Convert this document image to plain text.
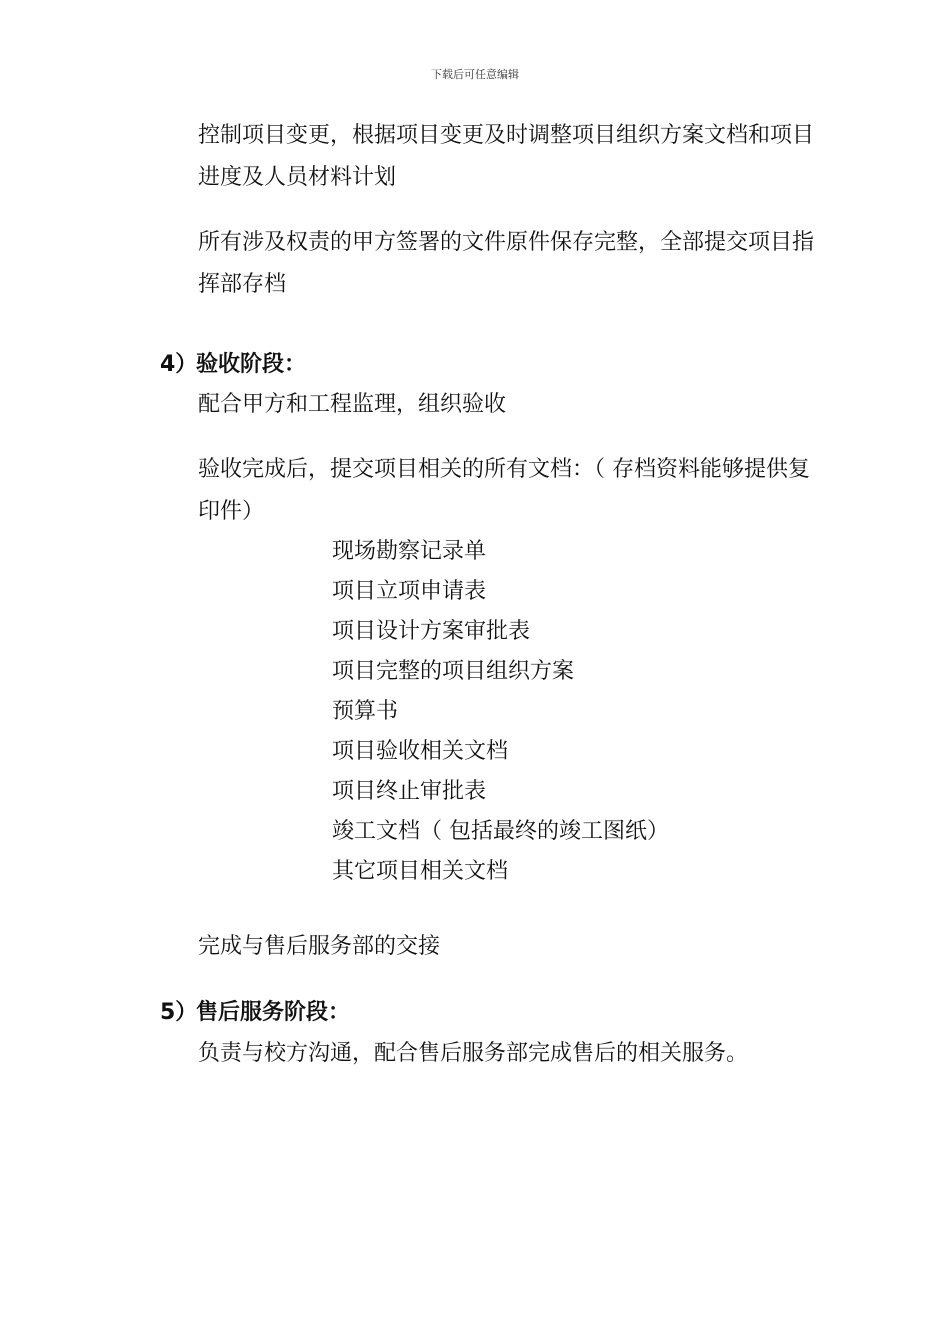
下载后可任意编辑
控制项目变更，根据项目变更及时调整项目组织方案文档和项目进度及人员材料计划
所有涉及权责的甲方签署的文件原件保存完整，全部提交项目指挥部存档
4）验收阶段：
配合甲方和工程监理，组织验收
验收完成后，提交项目相关的所有文档：（ 存档资料能够提供复印件）
现场勘察记录单
项目立项申请表
项目设计方案审批表
项目完整的项目组织方案
预算书
项目验收相关文档
项目终止审批表
竣工文档（ 包括最终的竣工图纸）
其它项目相关文档
完成与售后服务部的交接
5）售后服务阶段：
负责与校方沟通，配合售后服务部完成售后的相关服务。
